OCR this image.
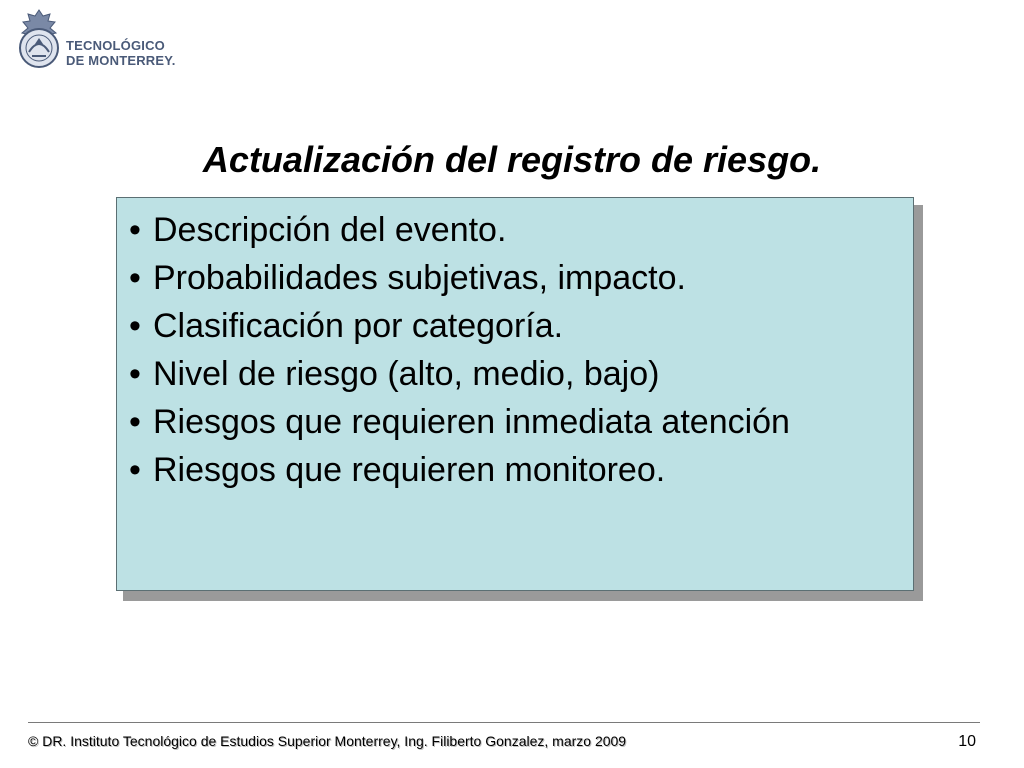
TECNOLÓGICO
DE MONTERREY.
Actualización del registro de riesgo.
• Descripción del evento.
• Probabilidades subjetivas, impacto.
• Clasificación por categoría.
• Nivel de riesgo (alto, medio, bajo)
• Riesgos que requieren inmediata atención
• Riesgos que requieren monitoreo.
© DR. Instituto Tecnológico de Estudios Superior Monterrey, Ing. Filiberto Gonzalez, marzo 2009	10
